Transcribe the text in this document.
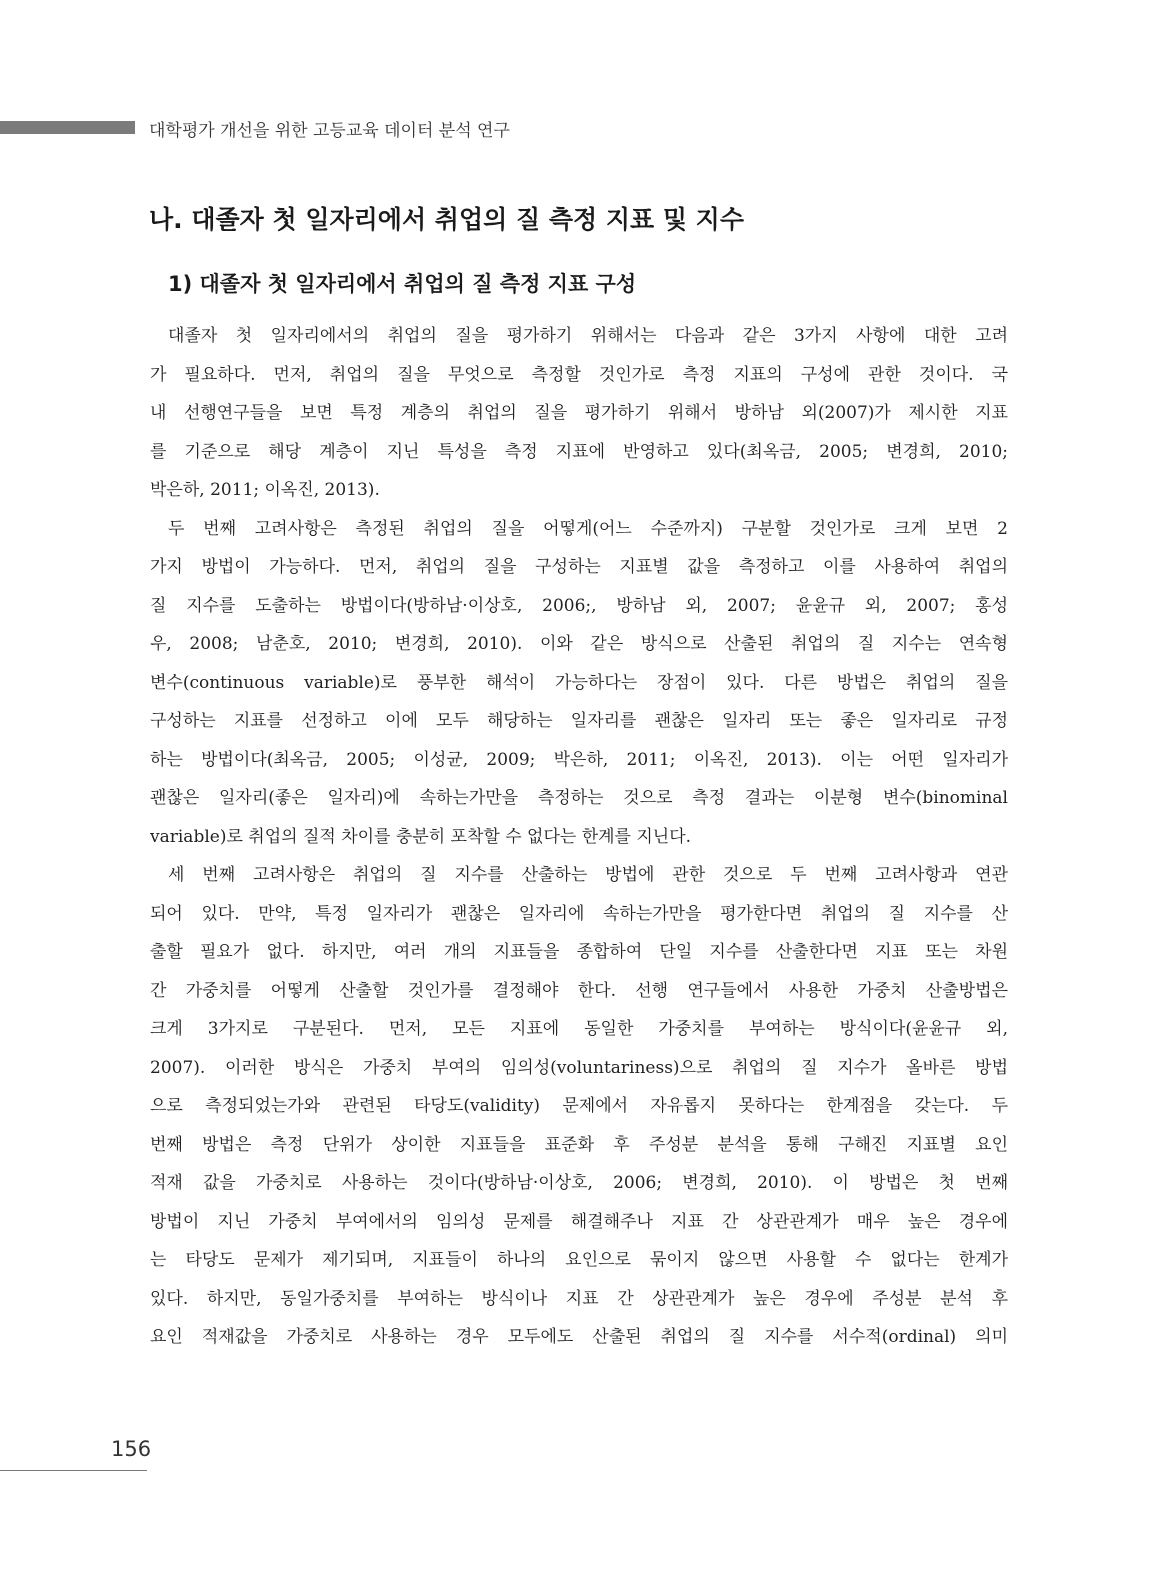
대학평가 개선을 위한 고등교육 데이터 분석 연구
나. 대졸자 첫 일자리에서 취업의 질 측정 지표 및 지수
1) 대졸자 첫 일자리에서 취업의 질 측정 지표 구성
대졸자 첫 일자리에서의 취업의 질을 평가하기 위해서는 다음과 같은 3가지 사항에 대한 고려
가 필요하다. 먼저, 취업의 질을 무엇으로 측정할 것인가로 측정 지표의 구성에 관한 것이다. 국
내 선행연구들을 보면 특정 계층의 취업의 질을 평가하기 위해서 방하남 외(2007)가 제시한 지표
를 기준으로 해당 계층이 지닌 특성을 측정 지표에 반영하고 있다(최옥금, 2005; 변경희, 2010;
박은하, 2011; 이옥진, 2013).
두 번째 고려사항은 측정된 취업의 질을 어떻게(어느 수준까지) 구분할 것인가로 크게 보면 2
가지 방법이 가능하다. 먼저, 취업의 질을 구성하는 지표별 값을 측정하고 이를 사용하여 취업의
질 지수를 도출하는 방법이다(방하남·이상호, 2006;, 방하남 외, 2007; 윤윤규 외, 2007; 홍성
우, 2008; 남춘호, 2010; 변경희, 2010). 이와 같은 방식으로 산출된 취업의 질 지수는 연속형
변수(continuous variable)로 풍부한 해석이 가능하다는 장점이 있다. 다른 방법은 취업의 질을
구성하는 지표를 선정하고 이에 모두 해당하는 일자리를 괜찮은 일자리 또는 좋은 일자리로 규정
하는 방법이다(최옥금, 2005; 이성균, 2009; 박은하, 2011; 이옥진, 2013). 이는 어떤 일자리가
괜찮은 일자리(좋은 일자리)에 속하는가만을 측정하는 것으로 측정 결과는 이분형 변수(binominal
variable)로 취업의 질적 차이를 충분히 포착할 수 없다는 한계를 지닌다.
세 번째 고려사항은 취업의 질 지수를 산출하는 방법에 관한 것으로 두 번째 고려사항과 연관
되어 있다. 만약, 특정 일자리가 괜찮은 일자리에 속하는가만을 평가한다면 취업의 질 지수를 산
출할 필요가 없다. 하지만, 여러 개의 지표들을 종합하여 단일 지수를 산출한다면 지표 또는 차원
간 가중치를 어떻게 산출할 것인가를 결정해야 한다. 선행 연구들에서 사용한 가중치 산출방법은
크게 3가지로 구분된다. 먼저, 모든 지표에 동일한 가중치를 부여하는 방식이다(윤윤규 외,
2007). 이러한 방식은 가중치 부여의 임의성(voluntariness)으로 취업의 질 지수가 올바른 방법
으로 측정되었는가와 관련된 타당도(validity) 문제에서 자유롭지 못하다는 한계점을 갖는다. 두
번째 방법은 측정 단위가 상이한 지표들을 표준화 후 주성분 분석을 통해 구해진 지표별 요인
적재 값을 가중치로 사용하는 것이다(방하남·이상호, 2006; 변경희, 2010). 이 방법은 첫 번째
방법이 지닌 가중치 부여에서의 임의성 문제를 해결해주나 지표 간 상관관계가 매우 높은 경우에
는 타당도 문제가 제기되며, 지표들이 하나의 요인으로 묶이지 않으면 사용할 수 없다는 한계가
있다. 하지만, 동일가중치를 부여하는 방식이나 지표 간 상관관계가 높은 경우에 주성분 분석 후
요인 적재값을 가중치로 사용하는 경우 모두에도 산출된 취업의 질 지수를 서수적(ordinal) 의미
156
